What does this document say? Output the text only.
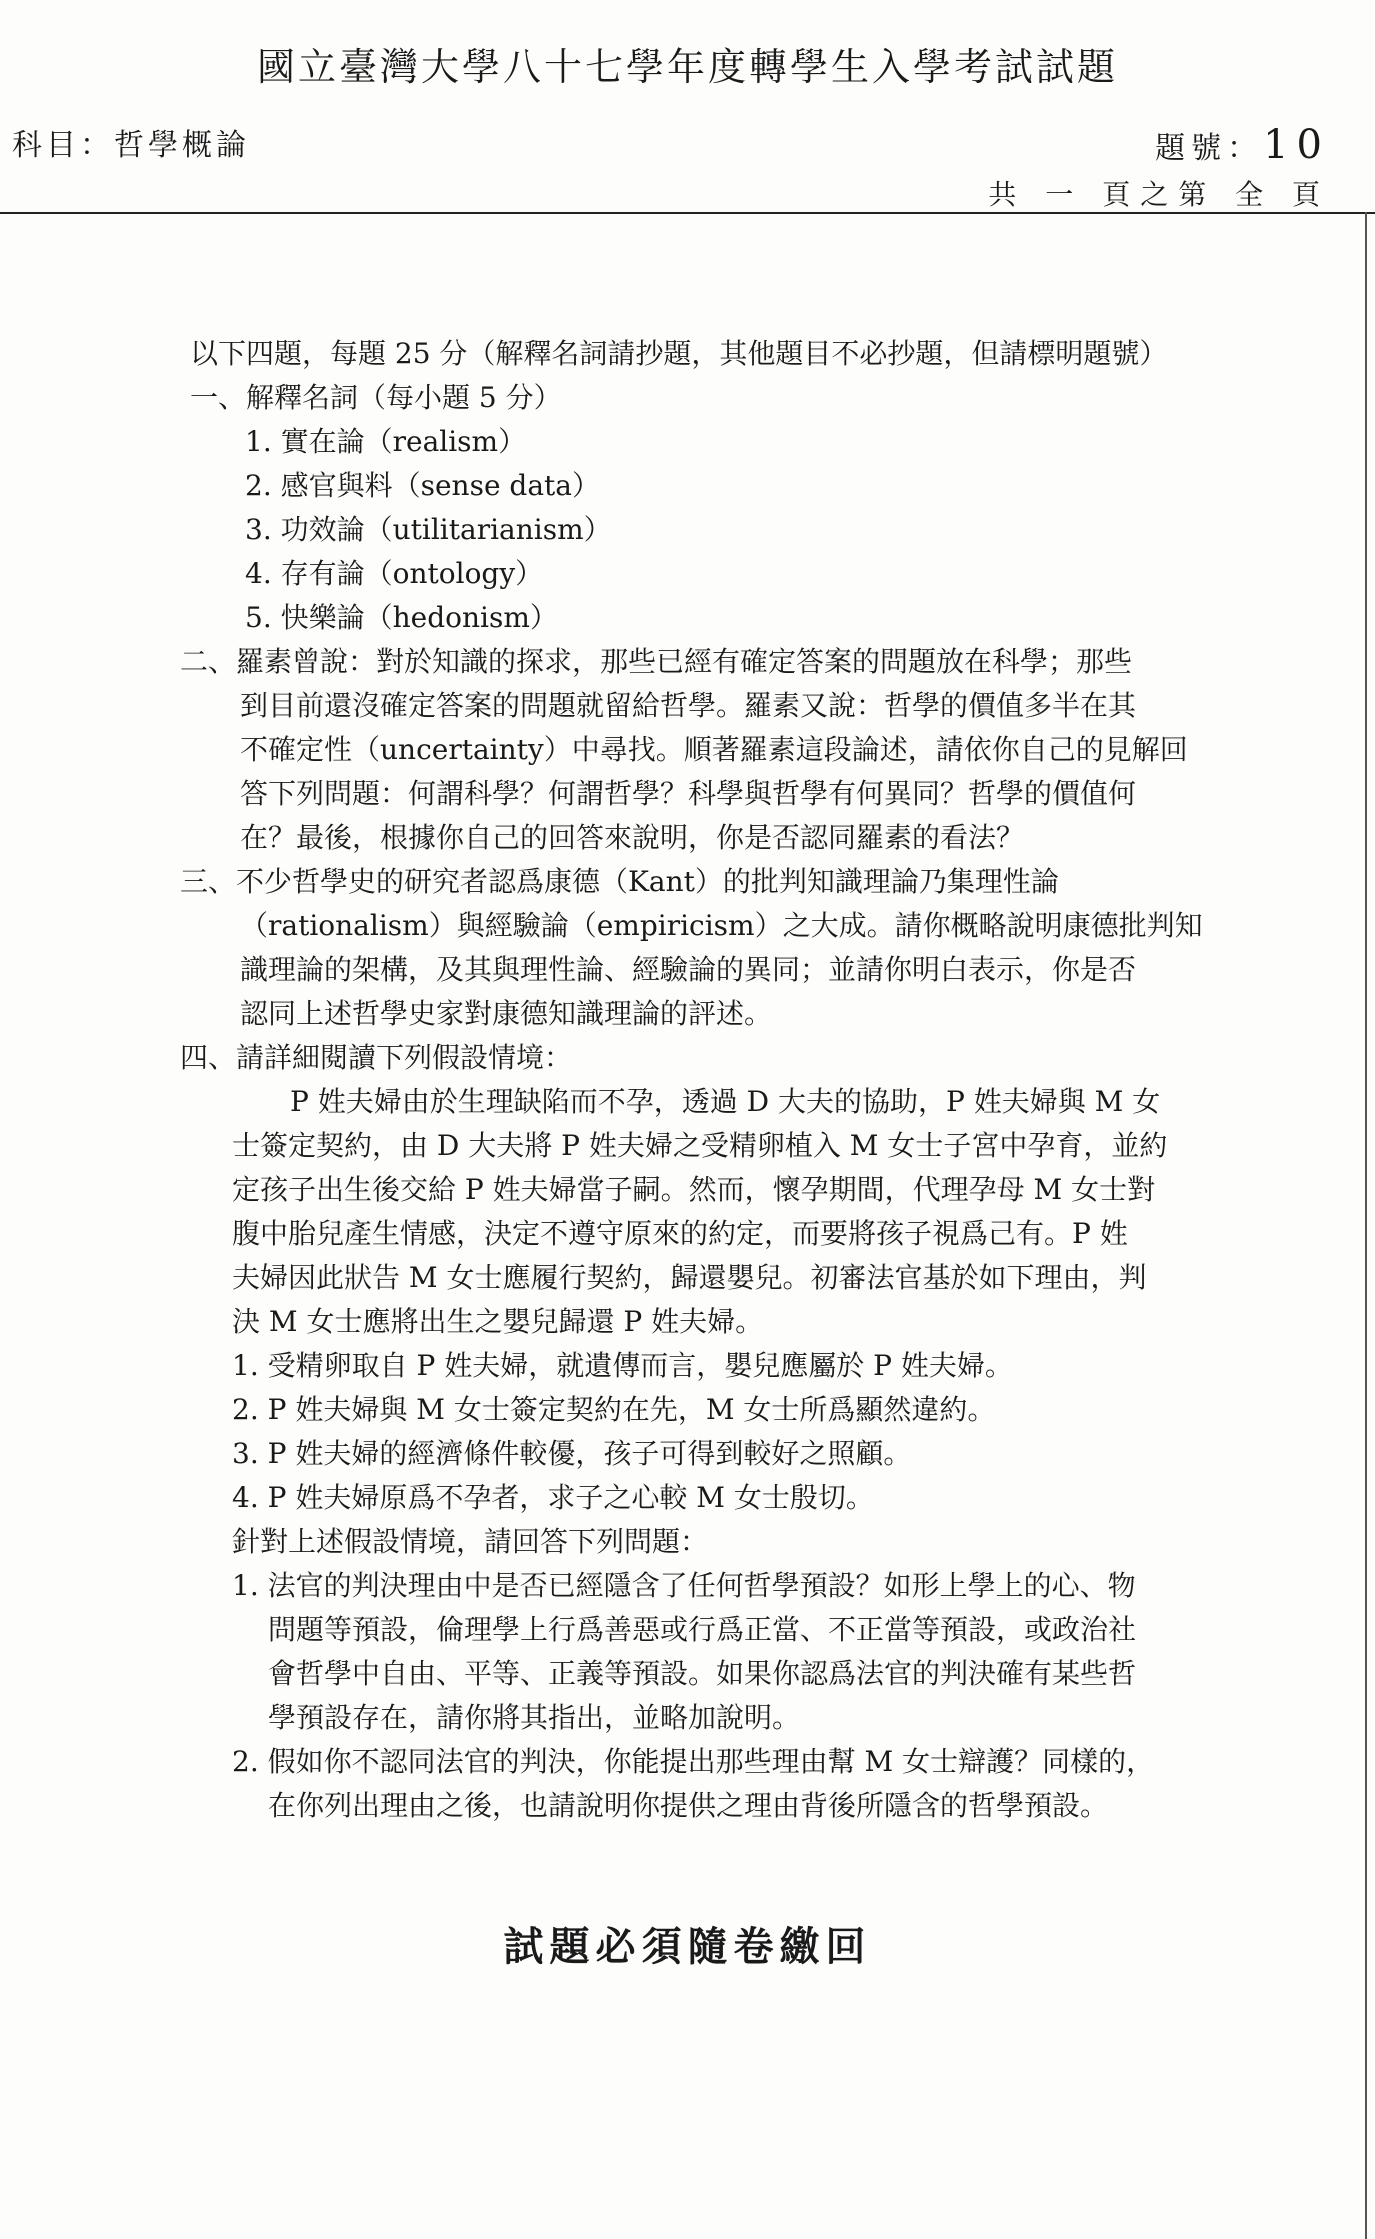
國立臺灣大學八十七學年度轉學生入學考試試題
科目：哲學概論	題號：10
共 一 頁之第 全 頁
以下四題，每題 25 分（解釋名詞請抄題，其他題目不必抄題，但請標明題號）
一、解釋名詞（每小題 5 分）
1. 實在論（realism）
2. 感官與料（sense data）
3. 功效論（utilitarianism）
4. 存有論（ontology）
5. 快樂論（hedonism）
二、羅素曾說：對於知識的探求，那些已經有確定答案的問題放在科學；那些
到目前還沒確定答案的問題就留給哲學。羅素又說：哲學的價值多半在其
不確定性（uncertainty）中尋找。順著羅素這段論述，請依你自己的見解回
答下列問題：何謂科學？何謂哲學？科學與哲學有何異同？哲學的價值何
在？最後，根據你自己的回答來說明，你是否認同羅素的看法？
三、不少哲學史的研究者認爲康德（Kant）的批判知識理論乃集理性論
（rationalism）與經驗論（empiricism）之大成。請你概略說明康德批判知
識理論的架構，及其與理性論、經驗論的異同；並請你明白表示，你是否
認同上述哲學史家對康德知識理論的評述。
四、請詳細閱讀下列假設情境：
P 姓夫婦由於生理缺陷而不孕，透過 D 大夫的協助，P 姓夫婦與 M 女
士簽定契約，由 D 大夫將 P 姓夫婦之受精卵植入 M 女士子宮中孕育，並約
定孩子出生後交給 P 姓夫婦當子嗣。然而，懷孕期間，代理孕母 M 女士對
腹中胎兒產生情感，決定不遵守原來的約定，而要將孩子視爲己有。P 姓
夫婦因此狀告 M 女士應履行契約，歸還嬰兒。初審法官基於如下理由，判
決 M 女士應將出生之嬰兒歸還 P 姓夫婦。
1. 受精卵取自 P 姓夫婦，就遺傳而言，嬰兒應屬於 P 姓夫婦。
2. P 姓夫婦與 M 女士簽定契約在先，M 女士所爲顯然違約。
3. P 姓夫婦的經濟條件較優，孩子可得到較好之照顧。
4. P 姓夫婦原爲不孕者，求子之心較 M 女士殷切。
針對上述假設情境，請回答下列問題：
1. 法官的判決理由中是否已經隱含了任何哲學預設？如形上學上的心、物
問題等預設，倫理學上行爲善惡或行爲正當、不正當等預設，或政治社
會哲學中自由、平等、正義等預設。如果你認爲法官的判決確有某些哲
學預設存在，請你將其指出，並略加說明。
2. 假如你不認同法官的判決，你能提出那些理由幫 M 女士辯護？同樣的，
在你列出理由之後，也請說明你提供之理由背後所隱含的哲學預設。
試題必須隨卷繳回
